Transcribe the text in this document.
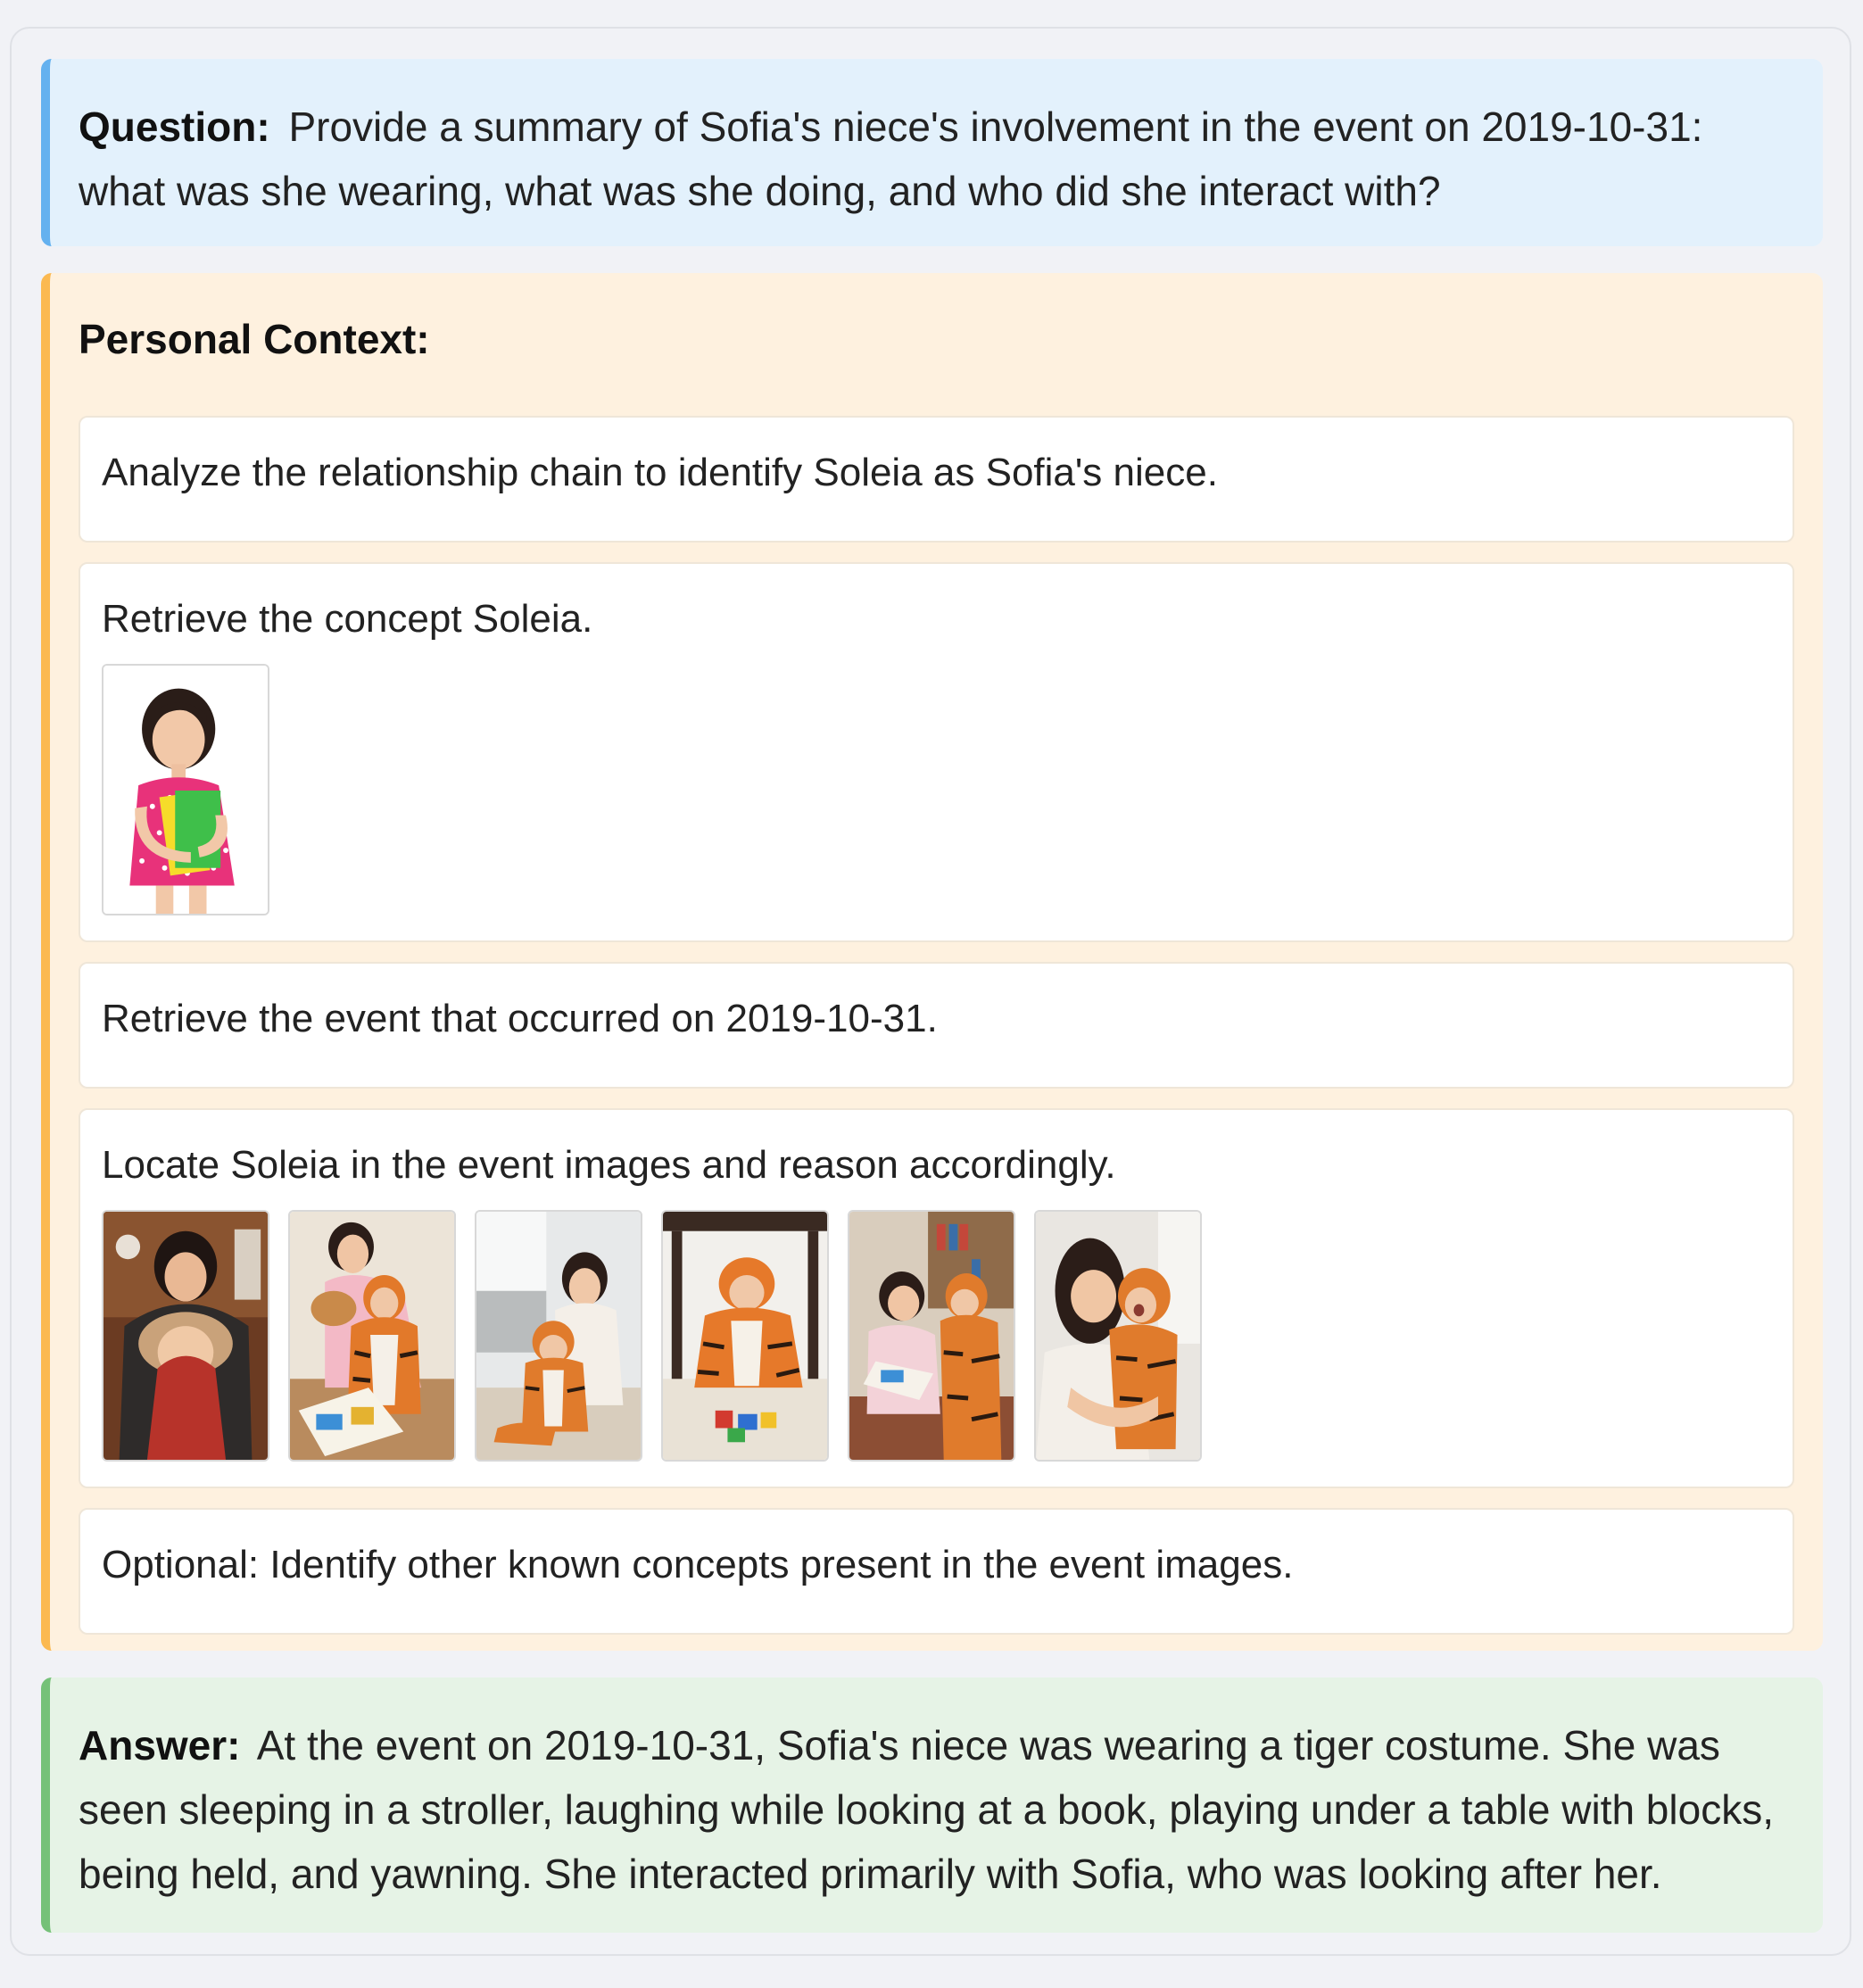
Question: Provide a summary of Sofia's niece's involvement in the event on 2019-10-31: what was she wearing, what was she doing, and who did she interact with?
Personal Context:
Analyze the relationship chain to identify Soleia as Sofia's niece.
Retrieve the concept Soleia.
Retrieve the event that occurred on 2019-10-31.
Locate Soleia in the event images and reason accordingly.
Optional: Identify other known concepts present in the event images.
Answer: At the event on 2019-10-31, Sofia's niece was wearing a tiger costume. She was seen sleeping in a stroller, laughing while looking at a book, playing under a table with blocks, being held, and yawning. She interacted primarily with Sofia, who was looking after her.
